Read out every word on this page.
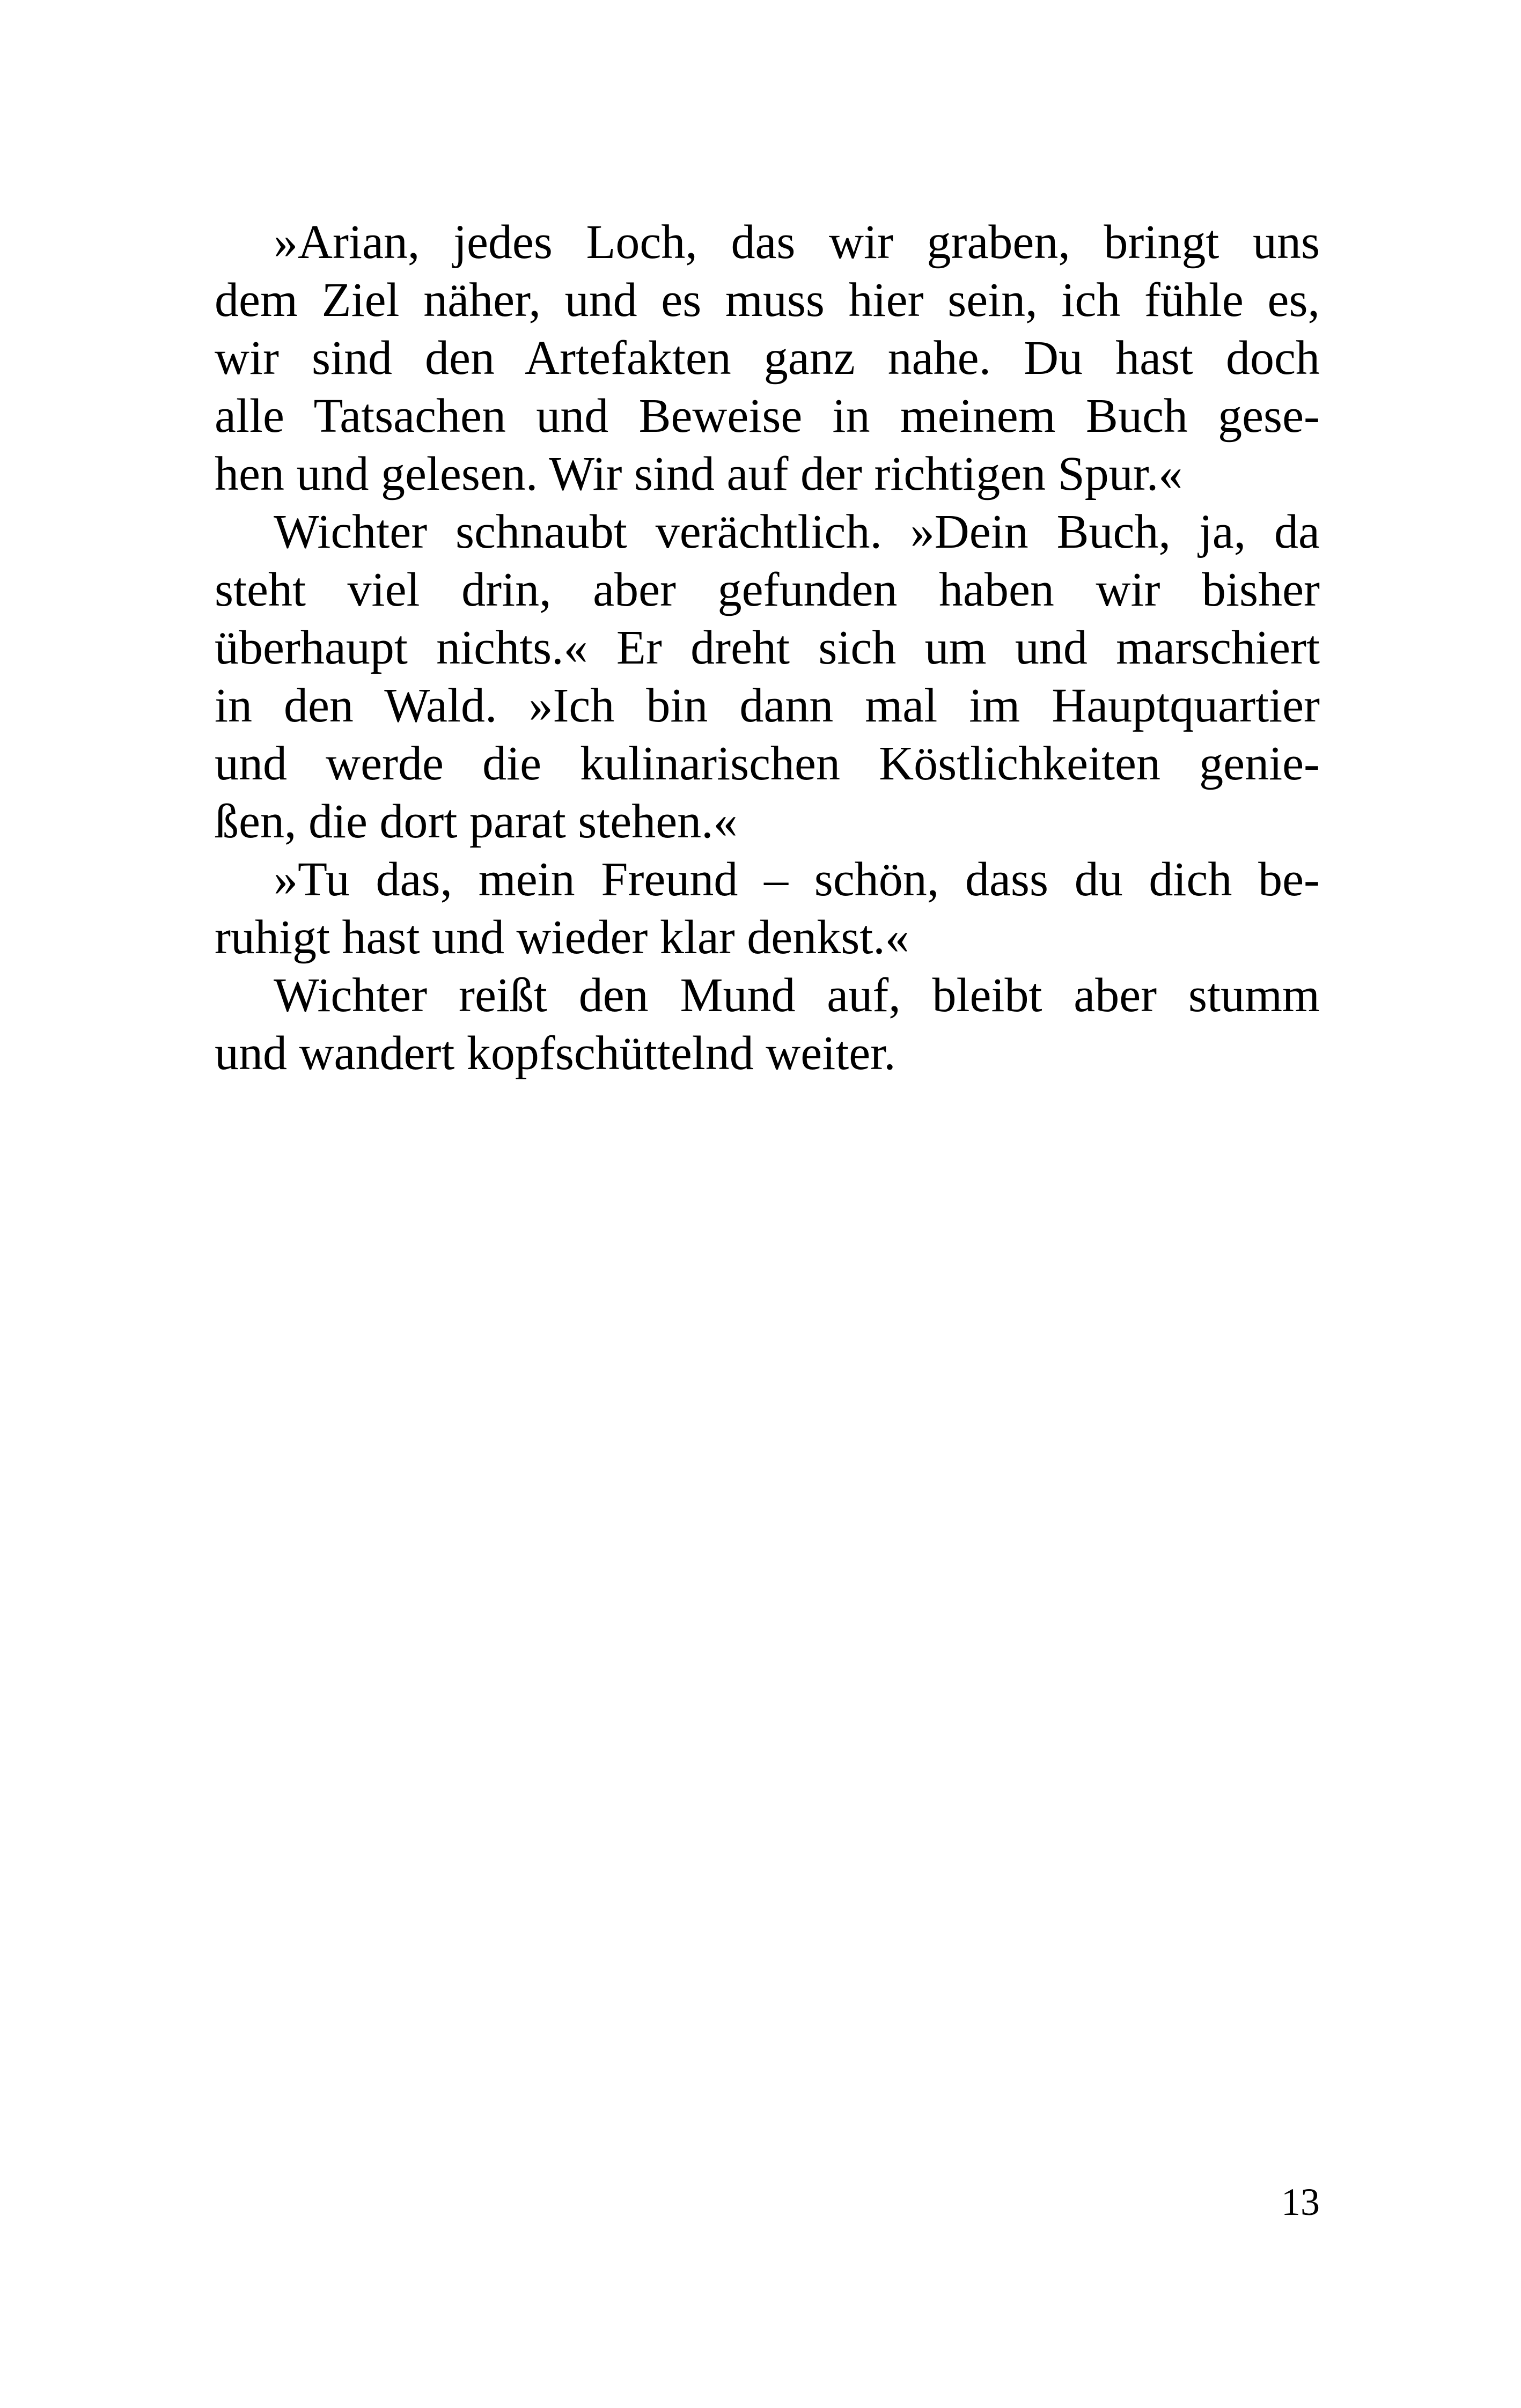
»Arian, jedes Loch, das wir graben, bringt uns
dem Ziel näher, und es muss hier sein, ich fühle es,
wir sind den Artefakten ganz nahe. Du hast doch
alle Tatsachen und Beweise in meinem Buch gese-
hen und gelesen. Wir sind auf der richtigen Spur.«
Wichter schnaubt verächtlich. »Dein Buch, ja, da
steht viel drin, aber gefunden haben wir bisher
überhaupt nichts.« Er dreht sich um und marschiert
in den Wald. »Ich bin dann mal im Hauptquartier
und werde die kulinarischen Köstlichkeiten genie-
ßen, die dort parat stehen.«
»Tu das, mein Freund – schön, dass du dich be-
ruhigt hast und wieder klar denkst.«
Wichter reißt den Mund auf, bleibt aber stumm
und wandert kopfschüttelnd weiter.
13
